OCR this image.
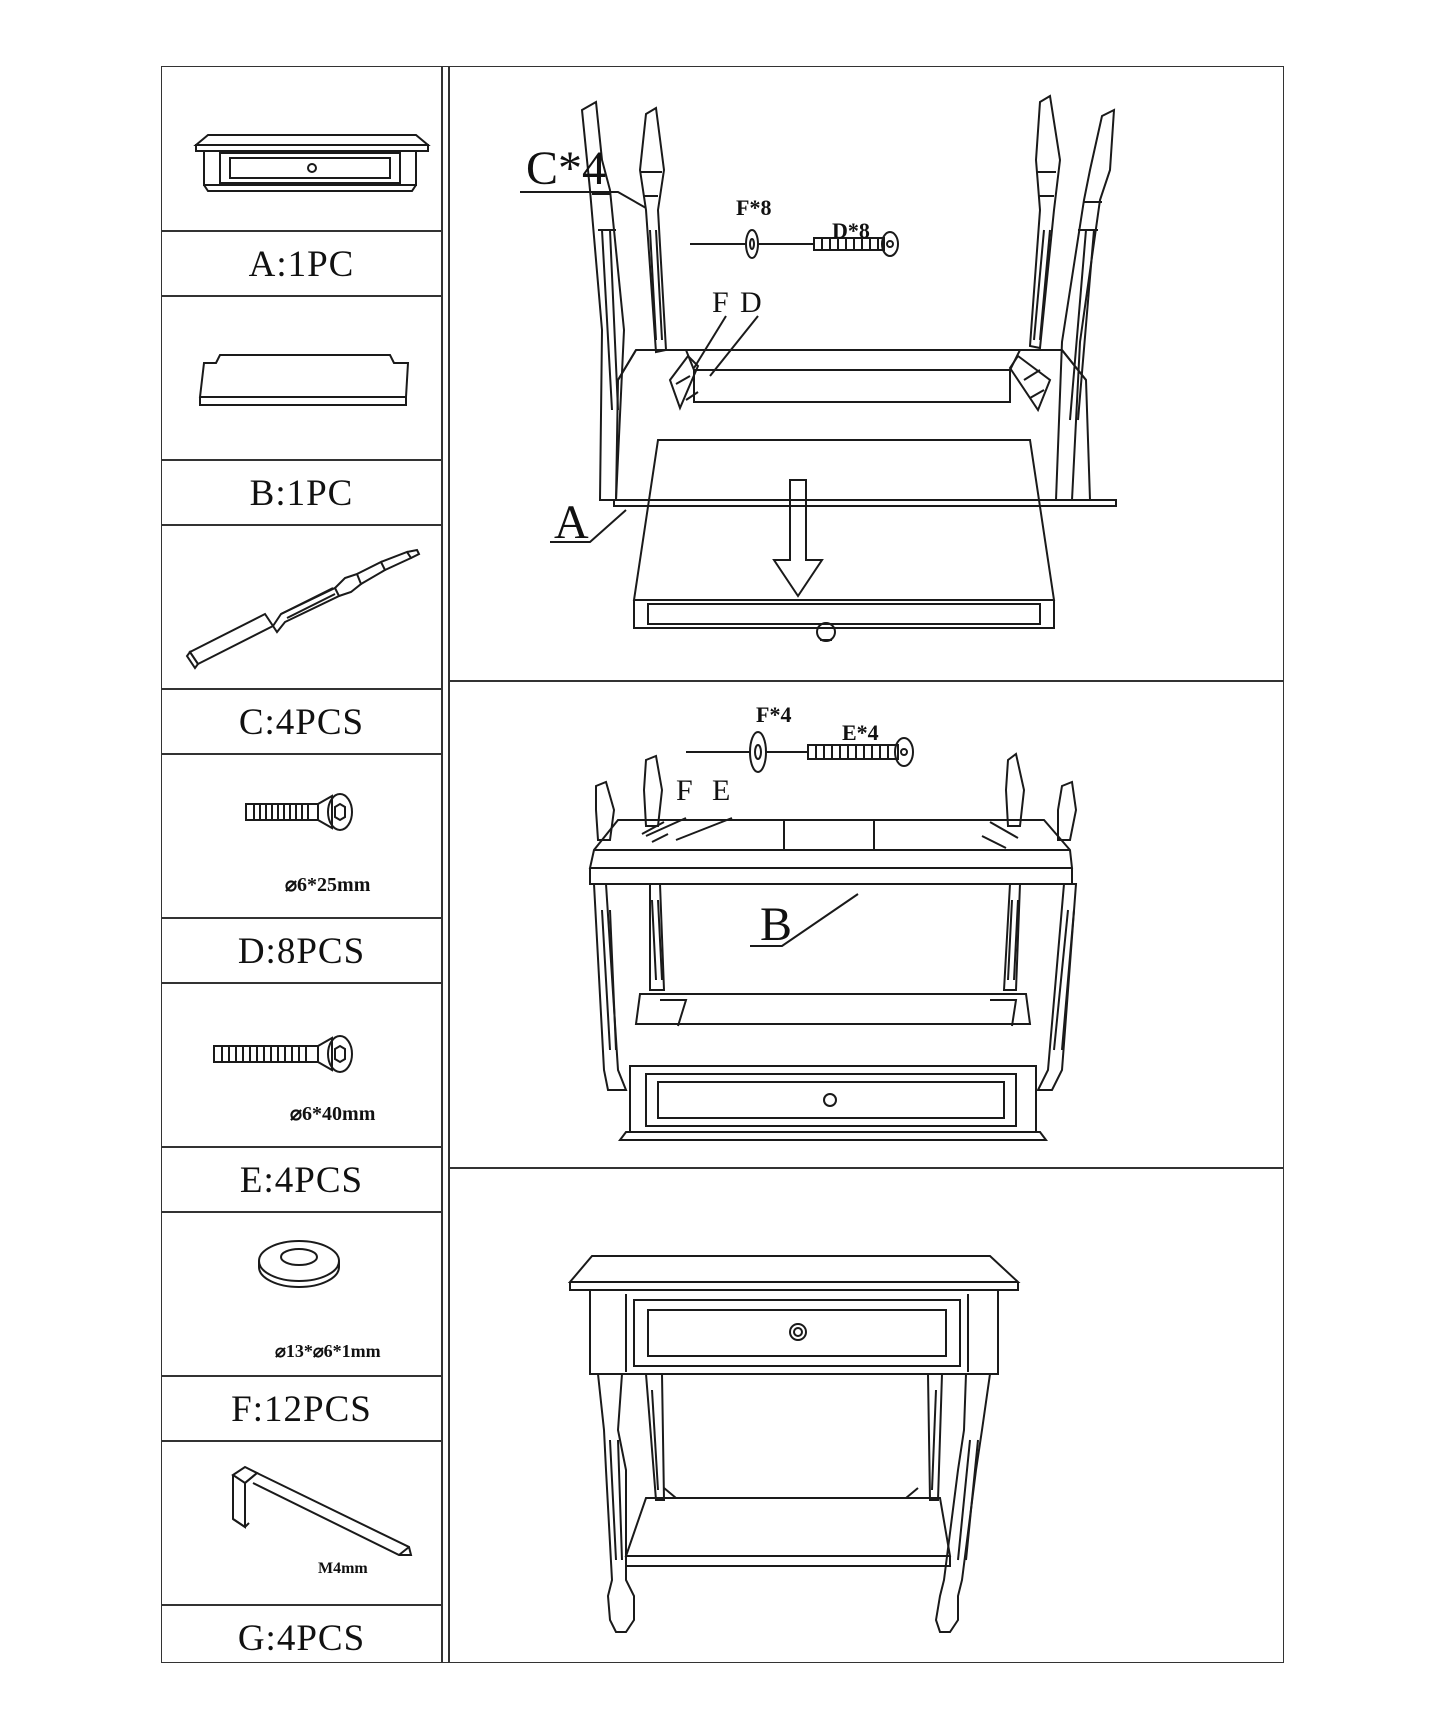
A:1PC
B:1PC
C:4PCS
⌀6*25mm
D:8PCS
⌀6*40mm
E:4PCS
⌀13*⌀6*1mm
F:12PCS
M4mm
G:4PCS
C*4
F*8
D*8
F D
A
F*4
E*4
F E
B
